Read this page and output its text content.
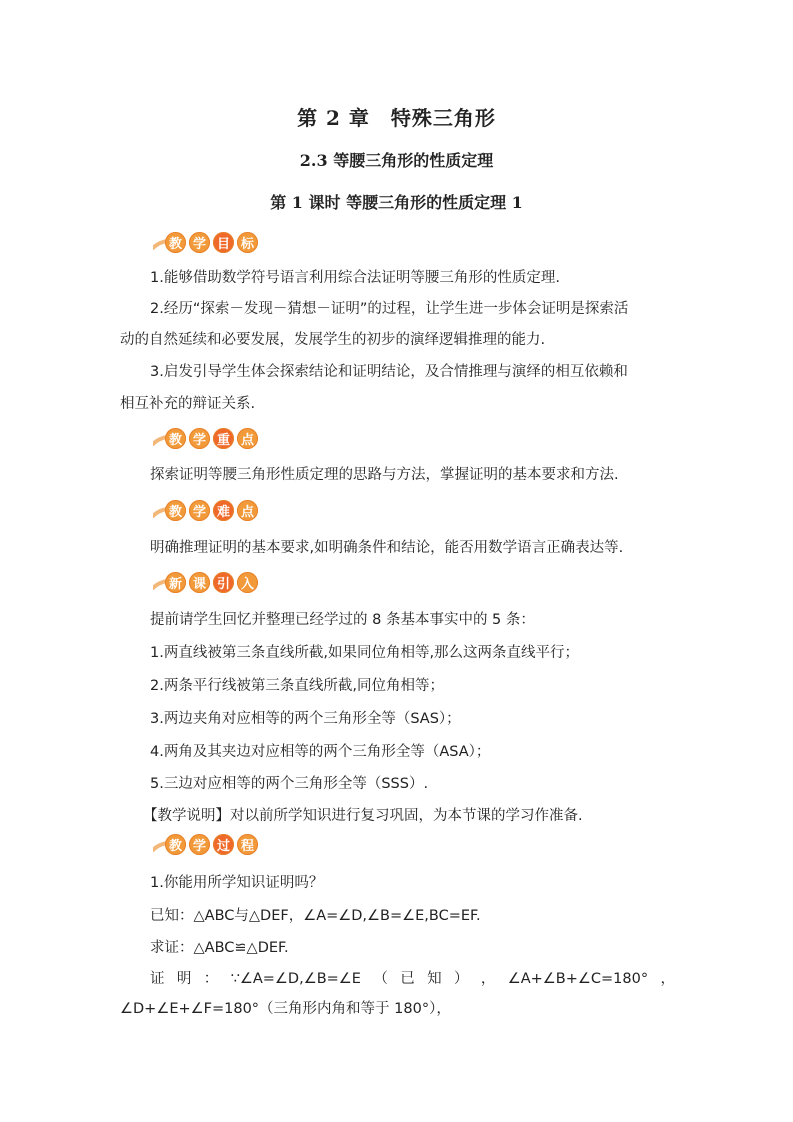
第 2 章　特殊三角形
2.3 等腰三角形的性质定理
第 1 课时 等腰三角形的性质定理 1
教 学 目 标
1.能够借助数学符号语言利用综合法证明等腰三角形的性质定理.
2.经历“探索－发现－猜想－证明”的过程，让学生进一步体会证明是探索活
动的自然延续和必要发展，发展学生的初步的演绎逻辑推理的能力.
3.启发引导学生体会探索结论和证明结论，及合情推理与演绎的相互依赖和
相互补充的辩证关系.
教 学 重 点
探索证明等腰三角形性质定理的思路与方法，掌握证明的基本要求和方法.
教 学 难 点
明确推理证明的基本要求,如明确条件和结论，能否用数学语言正确表达等.
新 课 引 入
提前请学生回忆并整理已经学过的 8 条基本事实中的 5 条：
1.两直线被第三条直线所截,如果同位角相等,那么这两条直线平行；
2.两条平行线被第三条直线所截,同位角相等；
3.两边夹角对应相等的两个三角形全等（SAS）；
4.两角及其夹边对应相等的两个三角形全等（ASA）；
5.三边对应相等的两个三角形全等（SSS）.
【教学说明】对以前所学知识进行复习巩固，为本节课的学习作准备.
教 学 过 程
1.你能用所学知识证明吗？
已知：△ABC与△DEF，∠A=∠D,∠B=∠E,BC=EF.
求证：△ABC≌△DEF.
证 明 ： ∵∠A=∠D,∠B=∠E （ 已 知 ） ， ∠A+∠B+∠C=180° ，
∠D+∠E+∠F=180°（三角形内角和等于 180°），
